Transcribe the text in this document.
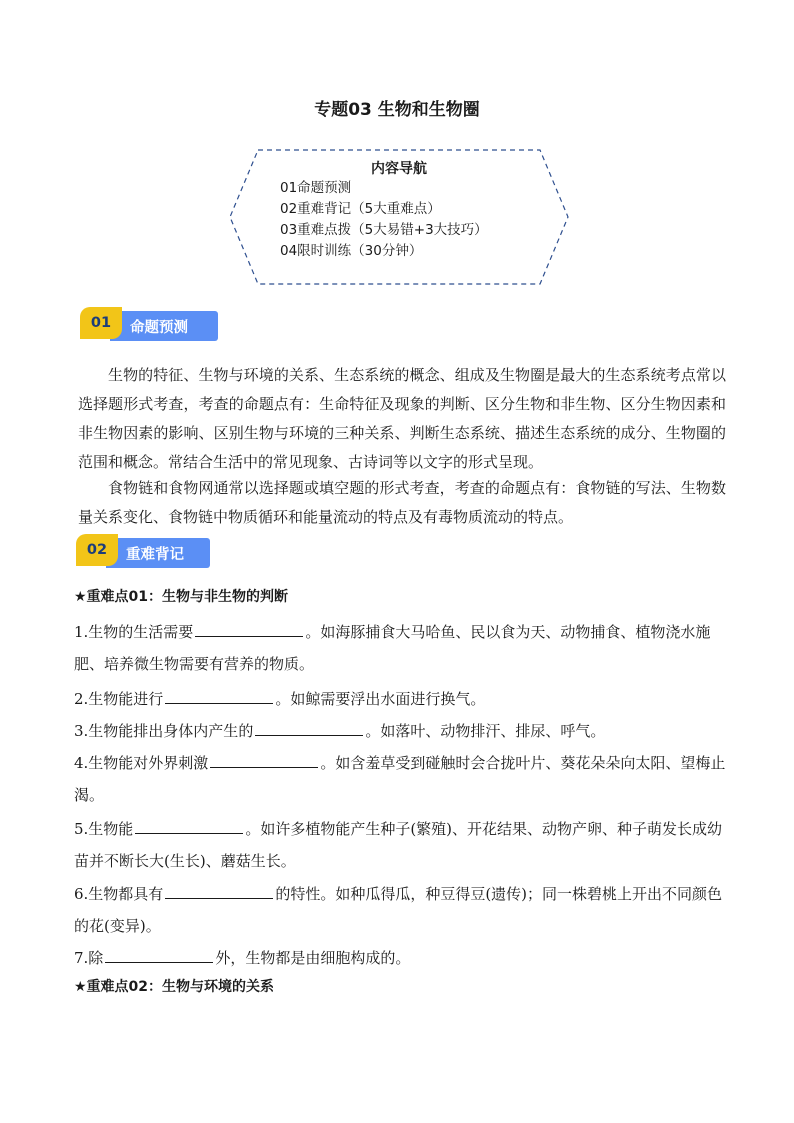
专题03 生物和生物圈
内容导航
01命题预测
02重难背记（5大重难点）
03重难点拨（5大易错+3大技巧）
04限时训练（30分钟）
01	命题预测
生物的特征、生物与环境的关系、生态系统的概念、组成及生物圈是最大的生态系统考点常以选择题形式考查，考查的命题点有：生命特征及现象的判断、区分生物和非生物、区分生物因素和非生物因素的影响、区别生物与环境的三种关系、判断生态系统、描述生态系统的成分、生物圈的范围和概念。常结合生活中的常见现象、古诗词等以文字的形式呈现。
食物链和食物网通常以选择题或填空题的形式考查，考查的命题点有：食物链的写法、生物数量关系变化、食物链中物质循环和能量流动的特点及有毒物质流动的特点。
02	重难背记
★重难点01：生物与非生物的判断
1.生物的生活需要	。如海豚捕食大马哈鱼、民以食为天、动物捕食、植物浇水施肥、培养微生物需要有营养的物质。
2.生物能进行	。如鲸需要浮出水面进行换气。
3.生物能排出身体内产生的	。如落叶、动物排汗、排尿、呼气。
4.生物能对外界刺激	。如含羞草受到碰触时会合拢叶片、葵花朵朵向太阳、望梅止渴。
5.生物能	。如许多植物能产生种子(繁殖)、开花结果、动物产卵、种子萌发长成幼苗并不断长大(生长)、蘑菇生长。
6.生物都具有	的特性。如种瓜得瓜，种豆得豆(遗传)；同一株碧桃上开出不同颜色的花(变异)。
7.除	外，生物都是由细胞构成的。
★重难点02：生物与环境的关系
